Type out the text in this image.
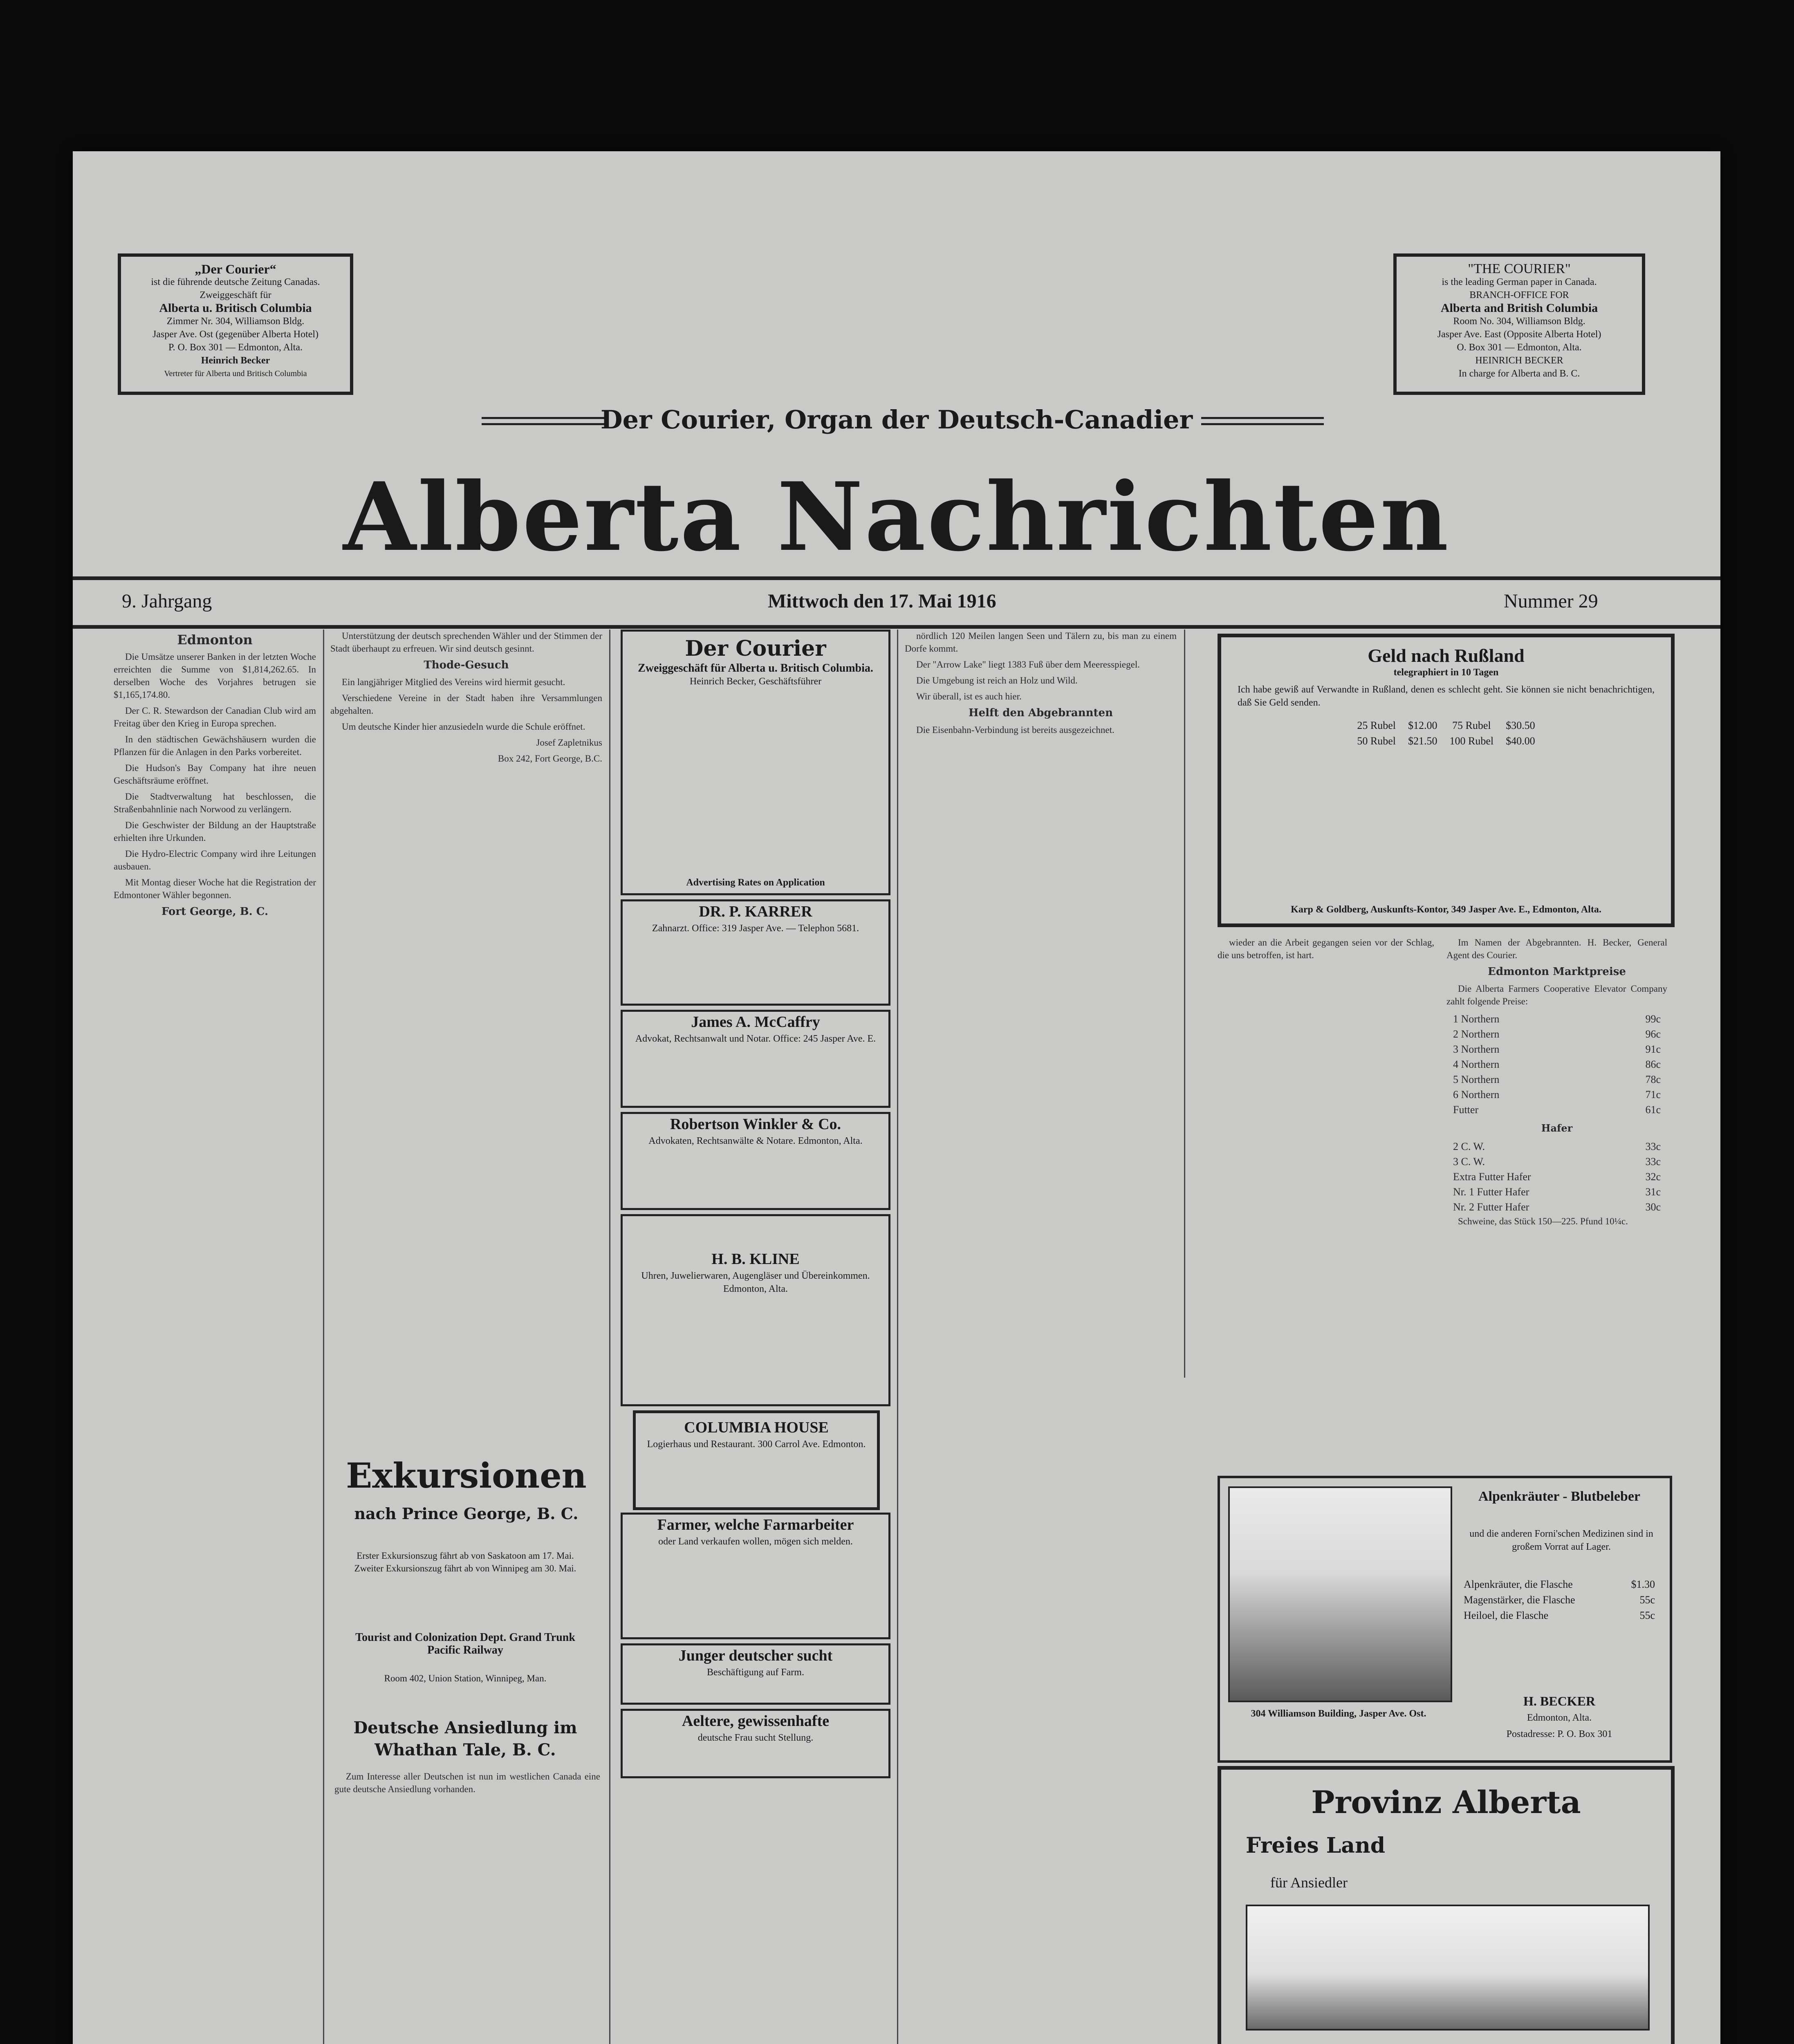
„Der Courier“
ist die führende deutsche Zeitung Canadas.
Zweiggeschäft für
Alberta u. Britisch Columbia
Zimmer Nr. 304, Williamson Bldg.
Jasper Ave. Ost (gegenüber Alberta Hotel)
P. O. Box 301 — Edmonton, Alta.
Heinrich Becker
Vertreter für Alberta und Britisch Columbia
"THE COURIER"
is the leading German paper in Canada.
BRANCH-OFFICE FOR
Alberta and British Columbia
Room No. 304, Williamson Bldg.
Jasper Ave. East (Opposite Alberta Hotel)
O. Box 301 — Edmonton, Alta.
HEINRICH BECKER
In charge for Alberta and B. C.
Der Courier, Organ der Deutsch-Canadier
Alberta Nachrichten
9. Jahrgang	Mittwoch den 17. Mai 1916	Nummer 29
Edmonton

Die Umsätze unserer Banken in der letzten Woche erreichten die Summe von $1,814,262.65. In derselben Woche des Vorjahres betrugen sie $1,165,174.80.

Der C. R. Stewardson der Canadian Club wird am Freitag über den Krieg in Europa sprechen.

In den städtischen Gewächshäusern wurden die Pflanzen für die Anlagen in den Parks vorbereitet.

Die Hudson's Bay Company hat ihre neuen Geschäftsräume eröffnet.

Die Stadtverwaltung hat beschlossen, die Straßenbahnlinie nach Norwood zu verlängern.

Die Geschwister der Bildung an der Hauptstraße erhielten ihre Urkunden.

Die Hydro-Electric Company wird ihre Leitungen ausbauen.

Mit Montag dieser Woche hat die Registration der Edmontoner Wähler begonnen.

Fort George, B. C.

Unterstützung der deutsch sprechenden Wähler und der Stimmen der Stadt überhaupt zu erfreuen. Wir sind deutsch gesinnt.

Thode-Gesuch

Ein langjähriger Mitglied des Vereins wird hiermit gesucht.

Verschiedene Vereine in der Stadt haben ihre Versammlungen abgehalten.

Um deutsche Kinder hier anzusiedeln wurde die Schule eröffnet.

Josef Zapletnikus

Box 242, Fort George, B.C.

Exkursionen
nach Prince George, B. C.
Erster Exkursionszug fährt ab von Saskatoon am 17. Mai. Zweiter Exkursionszug fährt ab von Winnipeg am 30. Mai.
Tourist and Colonization Dept. Grand Trunk Pacific Railway
Room 402, Union Station, Winnipeg, Man.
Deutsche Ansiedlung im Whathan Tale, B. C.

Zum Interesse aller Deutschen ist nun im westlichen Canada eine gute deutsche Ansiedlung vorhanden.

Der Courier
Zweiggeschäft für Alberta u. Britisch Columbia.
Heinrich Becker, Geschäftsführer
Advertising Rates on Application
DR. P. KARRER
Zahnarzt. Office: 319 Jasper Ave. — Telephon 5681.
James A. McCaffry
Advokat, Rechtsanwalt und Notar. Office: 245 Jasper Ave. E.
Robertson Winkler & Co.
Advokaten, Rechtsanwälte & Notare. Edmonton, Alta.
H. B. KLINE
Uhren, Juwelierwaren, Augengläser und Übereinkommen. Edmonton, Alta.
COLUMBIA HOUSE
Logierhaus und Restaurant. 300 Carrol Ave. Edmonton.
Farmer, welche Farmarbeiter
oder Land verkaufen wollen, mögen sich melden.
Junger deutscher sucht
Beschäftigung auf Farm.
Aeltere, gewissenhafte
deutsche Frau sucht Stellung.

nördlich 120 Meilen langen Seen und Tälern zu, bis man zu einem Dorfe kommt.

Der "Arrow Lake" liegt 1383 Fuß über dem Meeresspiegel.

Die Umgebung ist reich an Holz und Wild.

Wir überall, ist es auch hier.

Helft den Abgebrannten

Die Eisenbahn-Verbindung ist bereits ausgezeichnet.

Geld nach Rußland
telegraphiert in 10 Tagen
Ich habe gewiß auf Verwandte in Rußland, denen es schlecht geht. Sie können sie nicht benachrichtigen, daß Sie Geld senden.
25 Rubel	$12.00	75 Rubel	$30.50
50 Rubel	$21.50	100 Rubel	$40.00
Karp & Goldberg, Auskunfts-Kontor, 349 Jasper Ave. E., Edmonton, Alta.

wieder an die Arbeit gegangen seien vor der Schlag, die uns betroffen, ist hart.

Im Namen der Abgebrannten. H. Becker, General Agent des Courier.

Edmonton Marktpreise

Die Alberta Farmers Cooperative Elevator Company zahlt folgende Preise:

1 Northern	99c
2 Northern	96c
3 Northern	91c
4 Northern	86c
5 Northern	78c
6 Northern	71c
Futter	61c
Hafer
2 C. W.	33c
3 C. W.	33c
Extra Futter Hafer	32c
Nr. 1 Futter Hafer	31c
Nr. 2 Futter Hafer	30c

Schweine, das Stück 150—225. Pfund 10¼c.

304 Williamson Building, Jasper Ave. Ost.
Alpenkräuter - Blutbeleber
und die anderen Forni'schen Medizinen sind in großem Vorrat auf Lager.
Alpenkräuter, die Flasche	$1.30
Magenstärker, die Flasche	55c
Heiloel, die Flasche	55c
H. BECKER
Edmonton, Alta.
Postadresse: P. O. Box 301
Provinz Alberta
Freies Land
für Ansiedler
